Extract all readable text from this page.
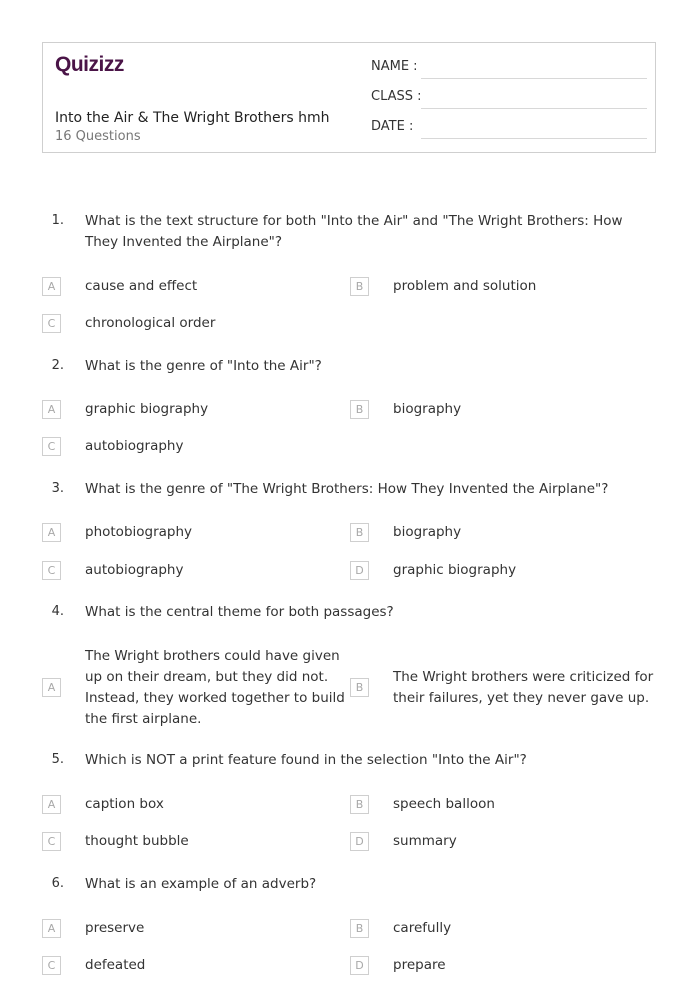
Quizizz
Into the Air & The Wright Brothers hmh
16 Questions
NAME :
CLASS :
DATE :
1. What is the text structure for both "Into the Air" and "The Wright Brothers: How They Invented the Airplane"?
A	cause and effect	B	problem and solution
C	chronological order
2. What is the genre of "Into the Air"?
A	graphic biography	B	biography
C	autobiography
3. What is the genre of "The Wright Brothers: How They Invented the Airplane"?
A	photobiography	B	biography
C	autobiography	D	graphic biography
4. What is the central theme for both passages?
A
The Wright brothers could have given up on their dream, but they did not. Instead, they worked together to build the first airplane.
B
The Wright brothers were criticized for their failures, yet they never gave up.
5. Which is NOT a print feature found in the selection "Into the Air"?
A	caption box	B	speech balloon
C	thought bubble	D	summary
6. What is an example of an adverb?
A	preserve	B	carefully
C	defeated	D	prepare
